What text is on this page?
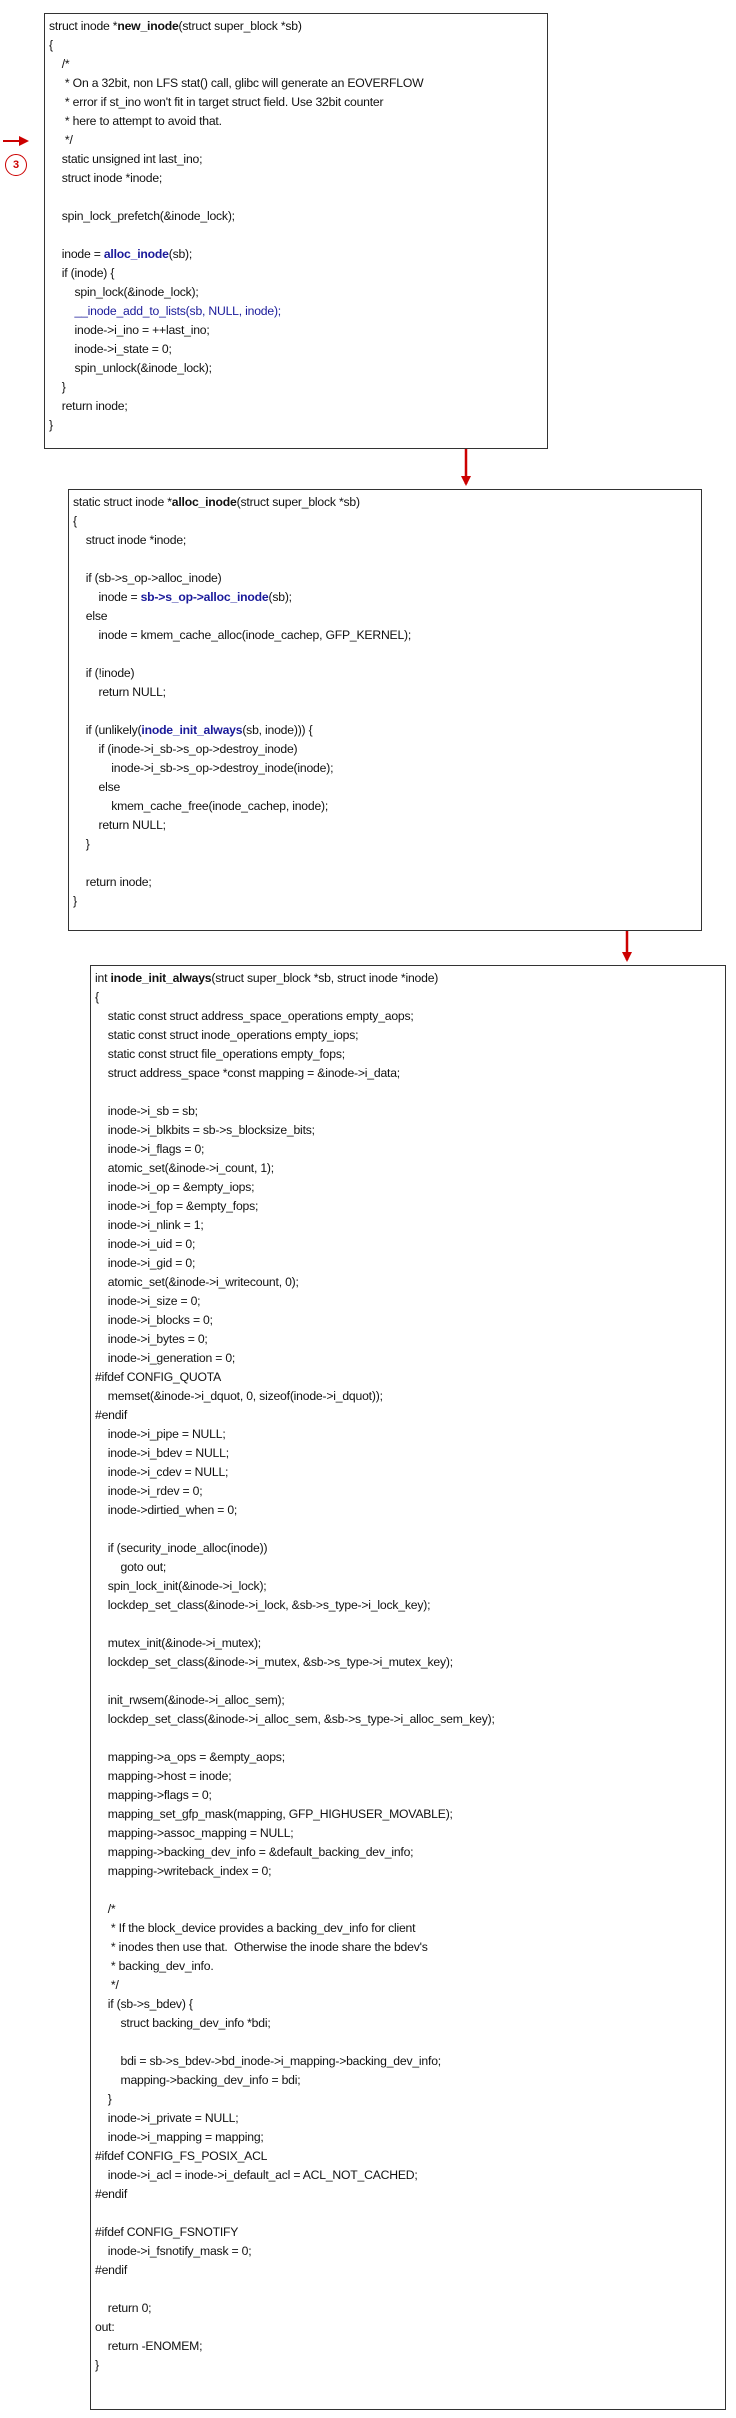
3
struct inode *new_inode(struct super_block *sb)
{
/*
* On a 32bit, non LFS stat() call, glibc will generate an EOVERFLOW
* error if st_ino won't fit in target struct field. Use 32bit counter
* here to attempt to avoid that.
*/
static unsigned int last_ino;
struct inode *inode;
spin_lock_prefetch(&inode_lock);
inode = alloc_inode(sb);
if (inode) {
spin_lock(&inode_lock);
__inode_add_to_lists(sb, NULL, inode);
inode->i_ino = ++last_ino;
inode->i_state = 0;
spin_unlock(&inode_lock);
}
return inode;
}
static struct inode *alloc_inode(struct super_block *sb)
{
struct inode *inode;
if (sb->s_op->alloc_inode)
inode = sb->s_op->alloc_inode(sb);
else
inode = kmem_cache_alloc(inode_cachep, GFP_KERNEL);
if (!inode)
return NULL;
if (unlikely(inode_init_always(sb, inode))) {
if (inode->i_sb->s_op->destroy_inode)
inode->i_sb->s_op->destroy_inode(inode);
else
kmem_cache_free(inode_cachep, inode);
return NULL;
}
return inode;
}
int inode_init_always(struct super_block *sb, struct inode *inode)
{
static const struct address_space_operations empty_aops;
static const struct inode_operations empty_iops;
static const struct file_operations empty_fops;
struct address_space *const mapping = &inode->i_data;
inode->i_sb = sb;
inode->i_blkbits = sb->s_blocksize_bits;
inode->i_flags = 0;
atomic_set(&inode->i_count, 1);
inode->i_op = &empty_iops;
inode->i_fop = &empty_fops;
inode->i_nlink = 1;
inode->i_uid = 0;
inode->i_gid = 0;
atomic_set(&inode->i_writecount, 0);
inode->i_size = 0;
inode->i_blocks = 0;
inode->i_bytes = 0;
inode->i_generation = 0;
#ifdef CONFIG_QUOTA
memset(&inode->i_dquot, 0, sizeof(inode->i_dquot));
#endif
inode->i_pipe = NULL;
inode->i_bdev = NULL;
inode->i_cdev = NULL;
inode->i_rdev = 0;
inode->dirtied_when = 0;
if (security_inode_alloc(inode))
goto out;
spin_lock_init(&inode->i_lock);
lockdep_set_class(&inode->i_lock, &sb->s_type->i_lock_key);
mutex_init(&inode->i_mutex);
lockdep_set_class(&inode->i_mutex, &sb->s_type->i_mutex_key);
init_rwsem(&inode->i_alloc_sem);
lockdep_set_class(&inode->i_alloc_sem, &sb->s_type->i_alloc_sem_key);
mapping->a_ops = &empty_aops;
mapping->host = inode;
mapping->flags = 0;
mapping_set_gfp_mask(mapping, GFP_HIGHUSER_MOVABLE);
mapping->assoc_mapping = NULL;
mapping->backing_dev_info = &default_backing_dev_info;
mapping->writeback_index = 0;
/*
* If the block_device provides a backing_dev_info for client
* inodes then use that.  Otherwise the inode share the bdev's
* backing_dev_info.
*/
if (sb->s_bdev) {
struct backing_dev_info *bdi;
bdi = sb->s_bdev->bd_inode->i_mapping->backing_dev_info;
mapping->backing_dev_info = bdi;
}
inode->i_private = NULL;
inode->i_mapping = mapping;
#ifdef CONFIG_FS_POSIX_ACL
inode->i_acl = inode->i_default_acl = ACL_NOT_CACHED;
#endif
#ifdef CONFIG_FSNOTIFY
inode->i_fsnotify_mask = 0;
#endif
return 0;
out:
return -ENOMEM;
}
